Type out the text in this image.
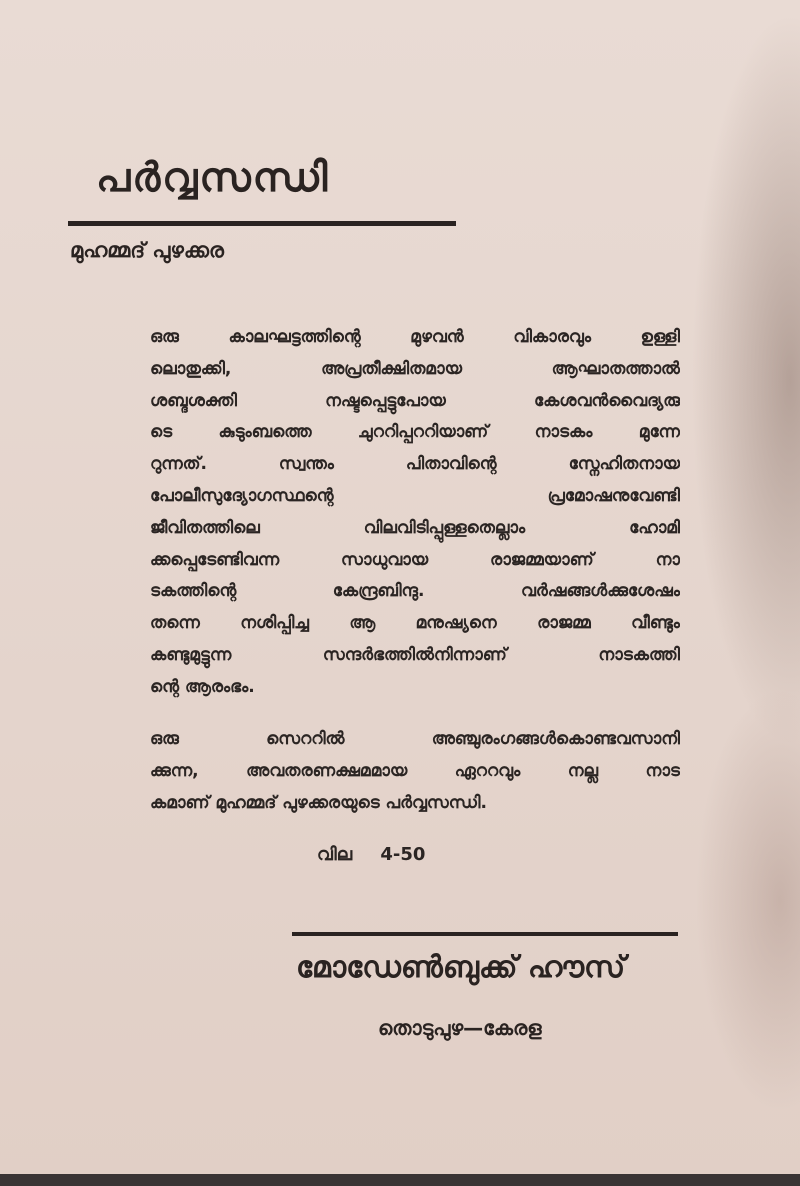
പർവ്വസന്ധി
മുഹമ്മദ് പുഴക്കര
ഒരു	കാലഘട്ടത്തിന്റെ	മുഴവൻ	വികാരവും	ഉള്ളി
ലൊതുക്കി,	അപ്രതീക്ഷിതമായ	ആഘാതത്താൽ
ശബ്ദശക്തി	നഷ്ടപ്പെട്ടുപോയ	കേശവൻവൈദ്യരു
ടെ	കുടുംബത്തെ	ചുററിപ്പററിയാണ്	നാടകം	മുന്നേ
റുന്നത്.	സ്വന്തം	പിതാവിന്റെ	സ്നേഹിതനായ
പോലീസുദ്യോഗസ്ഥന്റെ	പ്രമോഷനുവേണ്ടി
ജീവിതത്തിലെ	വിലവിടിപ്പുള്ളതെല്ലാം	ഹോമി
ക്കപ്പെടേണ്ടിവന്ന	സാധുവായ	രാജമ്മയാണ്	നാ
ടകത്തിന്റെ	കേന്ദ്രബിന്ദു.	വർഷങ്ങൾക്കുശേഷം
തന്നെ നശിപ്പിച്ച ആ മനുഷ്യനെ രാജമ്മ വീണ്ടും
കണ്ടുമുട്ടുന്ന	സന്ദർഭത്തിൽനിന്നാണ്	നാടകത്തി
ന്റെ ആരംഭം.
ഒരു	സെററിൽ	അഞ്ചുരംഗങ്ങൾകൊണ്ടവസാനി
ക്കുന്ന,	അവതരണക്ഷമമായ	ഏററവും	നല്ല	നാട
കമാണ് മുഹമ്മദ് പുഴക്കരയുടെ പർവ്വസന്ധി.
വില 4-50
മോഡേൺബുക്ക് ഹൗസ്
തൊടുപുഴ—കേരള
